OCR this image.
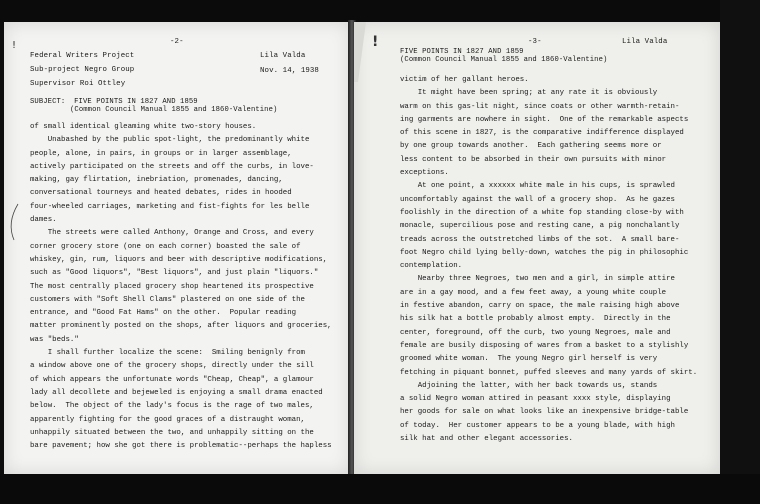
-2-
Federal Writers Project
Sub-project Negro Group
Supervisor Roi Ottley
Lila Valda
Nov. 14, 1938
SUBJECT:  FIVE POINTS IN 1827 AND 1859
(Common Council Manual 1855 and 1860-Valentine)
of small identical gleaming white two-story houses.
Unabashed by the public spot-light, the predominantly white
people, alone, in pairs, in groups or in larger assemblage,
actively participated on the streets and off the curbs, in love-
making, gay flirtation, inebriation, promenades, dancing,
conversational tourneys and heated debates, rides in hooded
four-wheeled carriages, marketing and fist-fights for les belle
dames.
The streets were called Anthony, Orange and Cross, and every
corner grocery store (one on each corner) boasted the sale of
whiskey, gin, rum, liquors and beer with descriptive modifications,
such as "Good liquors", "Best liquors", and just plain "liquors."
The most centrally placed grocery shop heartened its prospective
customers with "Soft Shell Clams" plastered on one side of the
entrance, and "Good Fat Hams" on the other.  Popular reading
matter prominently posted on the shops, after liquors and groceries,
was "beds."
I shall further localize the scene:  Smiling benignly from
a window above one of the grocery shops, directly under the sill
of which appears the unfortunate words "Cheap, Cheap", a glamour
lady all decollete and bejeweled is enjoying a small drama enacted
below.  The object of the lady's focus is the rage of two males,
apparently fighting for the good graces of a distraught woman,
unhappily situated between the two, and unhappily sitting on the
bare pavement; how she got there is problematic--perhaps the hapless
!	-3-	Lila Valda
FIVE POINTS IN 1827 AND 1859
(Common Council Manual 1855 and 1860-Valentine)
victim of her gallant heroes.
It might have been spring; at any rate it is obviously
warm on this gas-lit night, since coats or other warmth-retain-
ing garments are nowhere in sight.  One of the remarkable aspects
of this scene in 1827, is the comparative indifference displayed
by one group towards another.  Each gathering seems more or
less content to be absorbed in their own pursuits with minor
exceptions.
At one point, a xxxxxx white male in his cups, is sprawled
uncomfortably against the wall of a grocery shop.  As he gazes
foolishly in the direction of a white fop standing close-by with
monacle, supercilious pose and resting cane, a pig nonchalantly
treads across the outstretched limbs of the sot.  A small bare-
foot Negro child lying belly-down, watches the pig in philosophic
contemplation.
Nearby three Negroes, two men and a girl, in simple attire
are in a gay mood, and a few feet away, a young white couple
in festive abandon, carry on space, the male raising high above
his silk hat a bottle probably almost empty.  Directly in the
center, foreground, off the curb, two young Negroes, male and
female are busily disposing of wares from a basket to a stylishly
groomed white woman.  The young Negro girl herself is very
fetching in piquant bonnet, puffed sleeves and many yards of skirt.
Adjoining the latter, with her back towards us, stands
a solid Negro woman attired in peasant xxxx style, displaying
her goods for sale on what looks like an inexpensive bridge-table
of today.  Her customer appears to be a young blade, with high
silk hat and other elegant accessories.
!
